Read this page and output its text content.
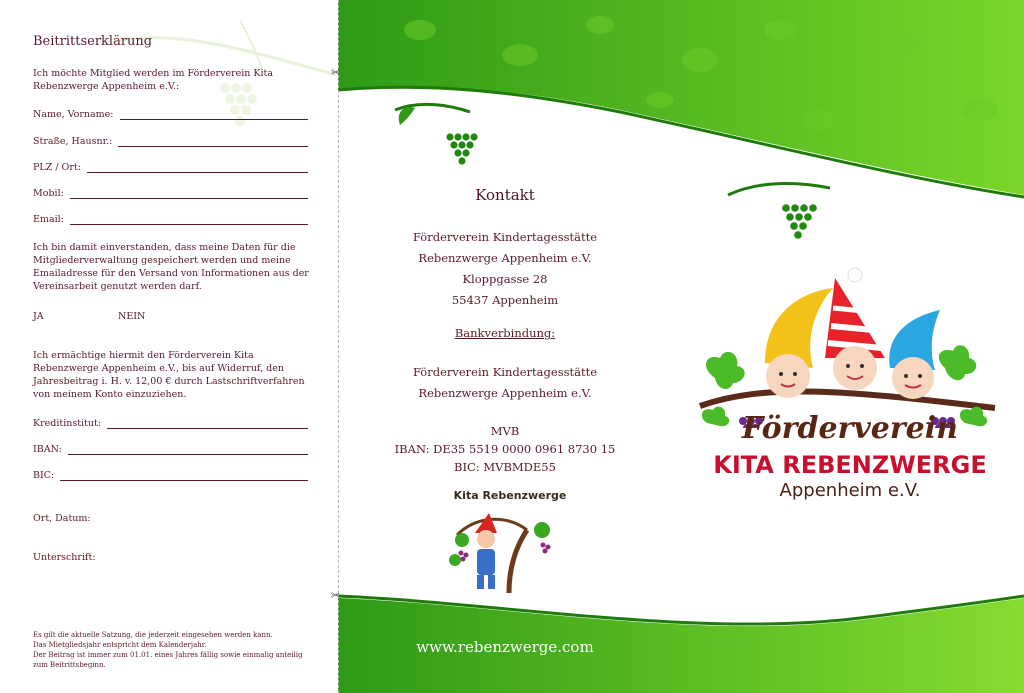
Beitrittserklärung
Ich möchte Mitglied werden im Förderverein Kita Rebenzwerge Appenheim e.V.:
Name, Vorname:
Straße, Hausnr.:
PLZ / Ort:
Mobil:
Email:
Ich bin damit einverstanden, dass meine Daten für die Mitgliederverwaltung gespeichert werden und meine Emailadresse für den Versand von Informationen aus der Vereinsarbeit genutzt werden darf.
JA	NEIN
Ich ermächtige hiermit den Förderverein Kita Rebenzwerge Appenheim e.V., bis auf Widerruf, den Jahresbeitrag i. H. v. 12,00 € durch Lastschriftverfahren von meinem Konto einzuziehen.
Kreditinstitut:
IBAN:
BIC:
Ort, Datum:
Unterschrift:
Es gilt die aktuelle Satzung, die jederzeit eingesehen werden kann.
Das Mietgliedsjahr entspricht dem Kalenderjahr.
Der Beitrag ist immer zum 01.01. eines Jahres fällig sowie einmalig anteilig
zum Beitrittsbeginn.
✂
✂
Kontakt
Förderverein Kindertagesstätte
Rebenzwerge Appenheim e.V.
Kloppgasse 28
55437 Appenheim
Bankverbindung:
Förderverein Kindertagesstätte
Rebenzwerge Appenheim e.V.
MVB
IBAN: DE35 5519 0000 0961 8730 15
BIC: MVBMDE55
Kita Rebenzwerge
www.rebenzwerge.com
Förderverein
KITA REBENZWERGE
Appenheim e.V.
